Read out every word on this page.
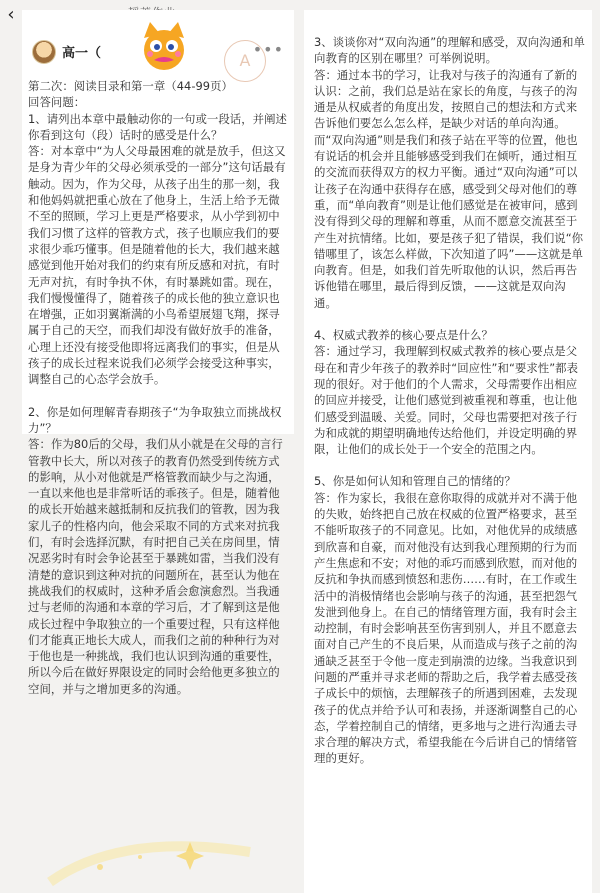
‹
高一（	A
•••

第二次：阅读目录和第一章（44-99页）

回答问题：

1、请列出本章中最触动你的一句或一段话，并阐述你看到这句（段）话时的感受是什么？

答：对本章中“为人父母最困难的就是放手，但这又是身为青少年的父母必须承受的一部分”这句话最有触动。因为，作为父母，从孩子出生的那一刻，我和他妈妈就把重心放在了他身上，生活上给予无微不至的照顾，学习上更是严格要求，从小学到初中我们习惯了这样的管教方式，孩子也顺应我们的要求很少乖巧懂事。但是随着他的长大，我们越来越感觉到他开始对我们的约束有所反感和对抗，有时无声对抗，有时争执不休，有时暴跳如雷。现在，我们慢慢懂得了，随着孩子的成长他的独立意识也在增强，正如羽翼渐满的小鸟希望展翅飞翔，探寻属于自己的天空，而我们却没有做好放手的准备，心理上还没有接受他即将远离我们的事实，但是从孩子的成长过程来说我们必须学会接受这种事实，调整自己的心态学会放手。

2、你是如何理解青春期孩子“为争取独立而挑战权力”？

答：作为80后的父母，我们从小就是在父母的言行管教中长大，所以对孩子的教育仍然受到传统方式的影响，从小对他就是严格管教而缺少与之沟通，一直以来他也是非常听话的乖孩子。但是，随着他的成长开始越来越抵制和反抗我们的管教，因为我家儿子的性格内向，他会采取不同的方式来对抗我们，有时会选择沉默，有时把自己关在房间里，情况恶劣时有时会争论甚至于暴跳如雷，当我们没有清楚的意识到这种对抗的问题所在，甚至认为他在挑战我们的权威时，这种矛盾会愈演愈烈。当我通过与老师的沟通和本章的学习后，才了解到这是他成长过程中争取独立的一个重要过程，只有这样他们才能真正地长大成人，而我们之前的种种行为对于他也是一种挑战，我们也认识到沟通的重要性，所以今后在做好界限设定的同时会给他更多独立的空间，并与之增加更多的沟通。

3、谈谈你对“双向沟通”的理解和感受，双向沟通和单向教育的区别在哪里？可举例说明。

答：通过本书的学习，让我对与孩子的沟通有了新的认识：之前，我们总是站在家长的角度，与孩子的沟通是从权威者的角度出发，按照自己的想法和方式来告诉他们要怎么怎么样，是缺少对话的单向沟通。而“双向沟通”则是我们和孩子站在平等的位置，他也有说话的机会并且能够感受到我们在倾听，通过相互的交流而获得双方的权力平衡。通过“双向沟通”可以让孩子在沟通中获得存在感，感受到父母对他们的尊重，而“单向教育”则是让他们感觉是在被审问，感到没有得到父母的理解和尊重，从而不愿意交流甚至于产生对抗情绪。比如，要是孩子犯了错误，我们说“你错哪里了，该怎么样做，下次知道了吗”——这就是单向教育。但是，如我们首先听取他的认识，然后再告诉他错在哪里，最后得到反馈，——这就是双向沟通。

4、权威式教养的核心要点是什么？

答：通过学习，我理解到权威式教养的核心要点是父母在和青少年孩子的教养时“回应性”和“要求性”都表现的很好。对于他们的个人需求，父母需要作出相应的回应并接受，让他们感觉到被重视和尊重，也让他们感受到温暖、关爱。同时，父母也需要把对孩子行为和成就的期望明确地传达给他们，并设定明确的界限，让他们的成长处于一个安全的范围之内。

5、你是如何认知和管理自己的情绪的？

答：作为家长，我很在意你取得的成就并对不满于他的失败，始终把自己放在权威的位置严格要求，甚至不能听取孩子的不同意见。比如，对他优异的成绩感到欣喜和自豪，而对他没有达到我心理预期的行为而产生焦虑和不安；对他的乖巧而感到欣慰，而对他的反抗和争执而感到愤怒和悲伤……有时，在工作或生活中的消极情绪也会影响与孩子的沟通，甚至把怨气发泄到他身上。在自己的情绪管理方面，我有时会主动控制，有时会影响甚至伤害到别人，并且不愿意去面对自己产生的不良后果，从而造成与孩子之前的沟通缺乏甚至于令他一度走到崩溃的边缘。当我意识到问题的严重并寻求老师的帮助之后，我学着去感受孩子成长中的烦恼，去理解孩子的所遇到困难，去发现孩子的优点并给予认可和表扬，并逐渐调整自己的心态，学着控制自己的情绪，更多地与之进行沟通去寻求合理的解决方式，希望我能在今后讲自己的情绪管理的更好。
